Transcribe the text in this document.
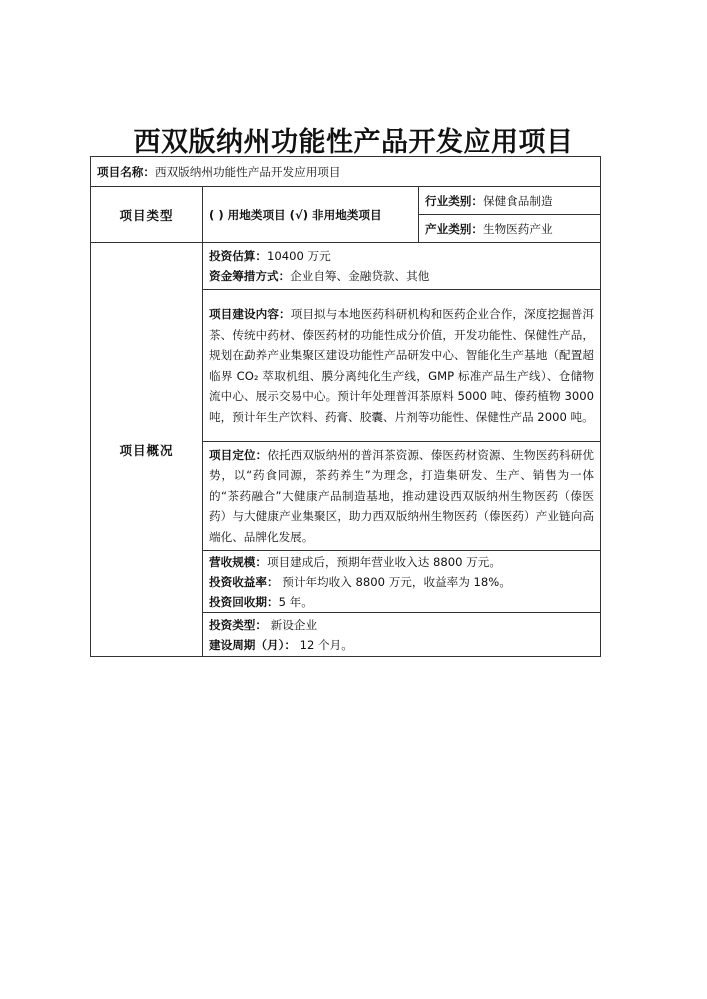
西双版纳州功能性产品开发应用项目
项目名称：西双版纳州功能性产品开发应用项目		
项目类型	( ) 用地类项目 (√) 非用地类项目	行业类别：保健食品制造
		产业类别：生物医药产业
项目概况	投资估算：10400 万元
资金筹措方式：企业自筹、金融贷款、其他	

	项目建设内容：项目拟与本地医药科研机构和医药企业合作，深度挖掘普洱茶、传统中药材、傣医药材的功能性成分价值，开发功能性、保健性产品，规划在勐养产业集聚区建设功能性产品研发中心、智能化生产基地（配置超临界 CO₂ 萃取机组、膜分离纯化生产线，GMP 标准产品生产线）、仓储物流中心、展示交易中心。预计年处理普洱茶原料 5000 吨、傣药植物 3000 吨，预计年生产饮料、药膏、胶囊、片剂等功能性、保健性产品 2000 吨。	
	项目定位：依托西双版纳州的普洱茶资源、傣医药材资源、生物医药科研优势，以“药食同源，茶药养生”为理念，打造集研发、生产、销售为一体的“茶药融合”大健康产品制造基地，推动建设西双版纳州生物医药（傣医药）与大健康产业集聚区，助力西双版纳州生物医药（傣医药）产业链向高端化、品牌化发展。	

	营收规模：项目建成后，预期年营业收入达 8800 万元。
投资收益率： 预计年均收入 8800 万元，收益率为 18%。
投资回收期：5 年。	

	投资类型： 新设企业
建设周期（月）： 12 个月。	
